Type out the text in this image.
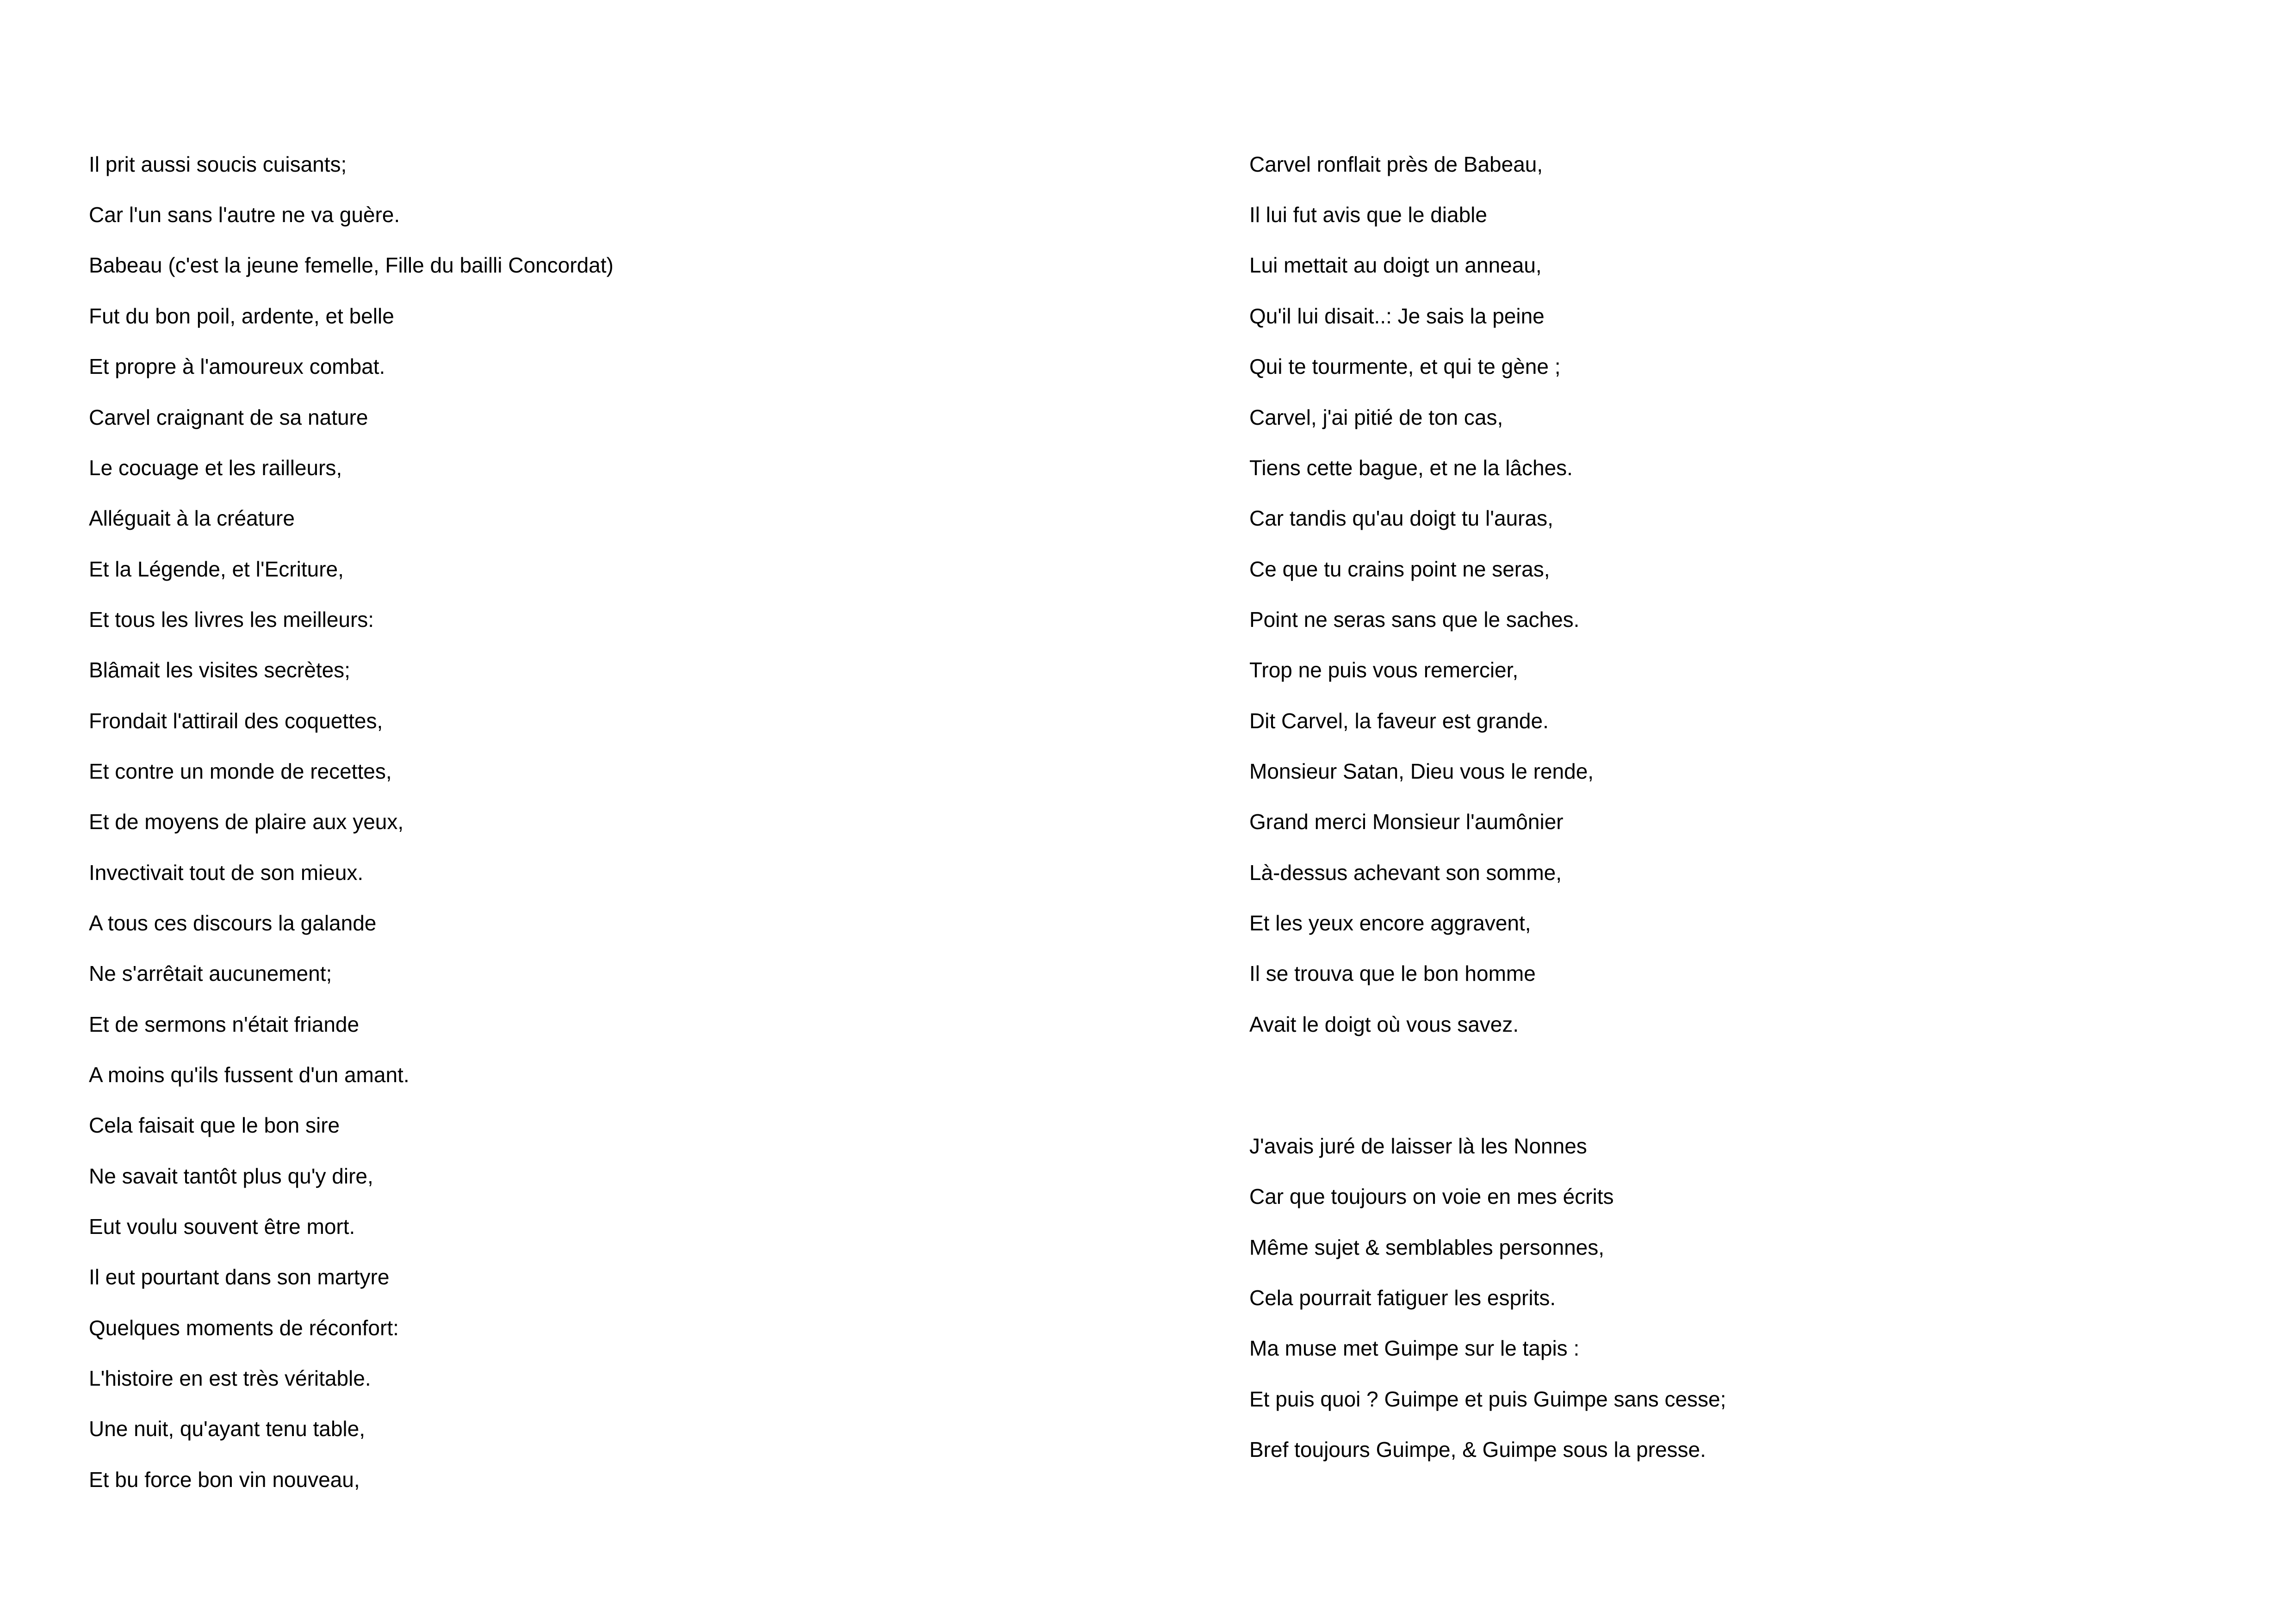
Il prit aussi soucis cuisants;
Car l'un sans l'autre ne va guère.
Babeau (c'est la jeune femelle, Fille du bailli Concordat)
Fut du bon poil, ardente, et belle
Et propre à l'amoureux combat.
Carvel craignant de sa nature
Le cocuage et les railleurs,
Alléguait à la créature
Et la Légende, et l'Ecriture,
Et tous les livres les meilleurs:
Blâmait les visites secrètes;
Frondait l'attirail des coquettes,
Et contre un monde de recettes,
Et de moyens de plaire aux yeux,
Invectivait tout de son mieux.
A tous ces discours la galande
Ne s'arrêtait aucunement;
Et de sermons n'était friande
A moins qu'ils fussent d'un amant.
Cela faisait que le bon sire
Ne savait tantôt plus qu'y dire,
Eut voulu souvent être mort.
Il eut pourtant dans son martyre
Quelques moments de réconfort:
L'histoire en est très véritable.
Une nuit, qu'ayant tenu table,
Et bu force bon vin nouveau,
Carvel ronflait près de Babeau,
Il lui fut avis que le diable
Lui mettait au doigt un anneau,
Qu'il lui disait..: Je sais la peine
Qui te tourmente, et qui te gène ;
Carvel, j'ai pitié de ton cas,
Tiens cette bague, et ne la lâches.
Car tandis qu'au doigt tu l'auras,
Ce que tu crains point ne seras,
Point ne seras sans que le saches.
Trop ne puis vous remercier,
Dit Carvel, la faveur est grande.
Monsieur Satan, Dieu vous le rende,
Grand merci Monsieur l'aumônier
Là-dessus achevant son somme,
Et les yeux encore aggravent,
Il se trouva que le bon homme
Avait le doigt où vous savez.
J'avais juré de laisser là les Nonnes
Car que toujours on voie en mes écrits
Même sujet & semblables personnes,
Cela pourrait fatiguer les esprits.
Ma muse met Guimpe sur le tapis :
Et puis quoi ? Guimpe et puis Guimpe sans cesse;
Bref toujours Guimpe, & Guimpe sous la presse.
